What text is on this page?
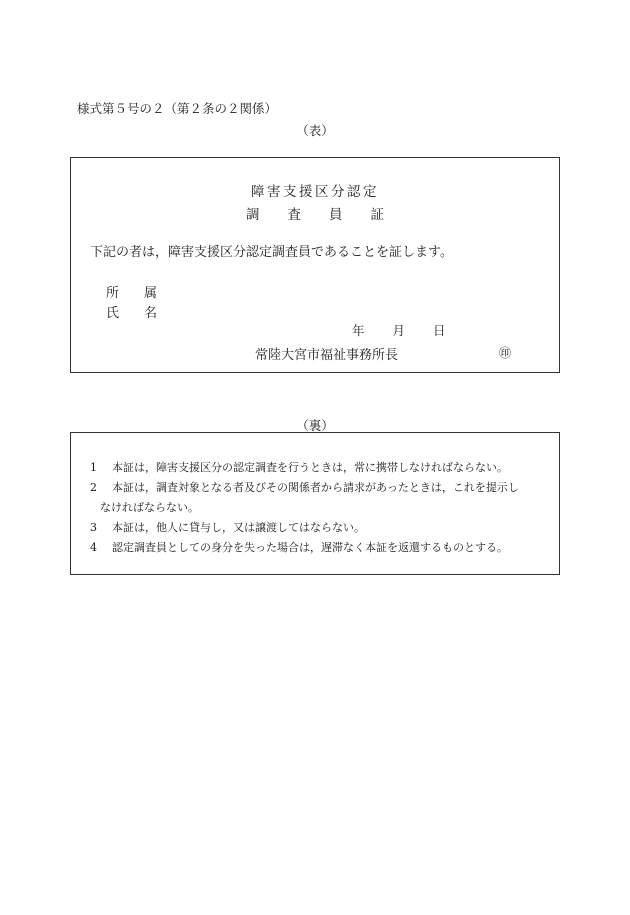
様式第５号の２（第２条の２関係）
（表）
障害支援区分認定
調 査 員 証
下記の者は，障害支援区分認定調査員であることを証します。
所 属
氏 名
年 月 日
常陸大宮市福祉事務所長	㊞
（裏）
1 本証は，障害支援区分の認定調査を行うときは，常に携帯しなければならない。
2 本証は，調査対象となる者及びその関係者から請求があったときは，これを提示し
なければならない。
3 本証は，他人に貸与し，又は譲渡してはならない。
4 認定調査員としての身分を失った場合は，遅滞なく本証を返還するものとする。
